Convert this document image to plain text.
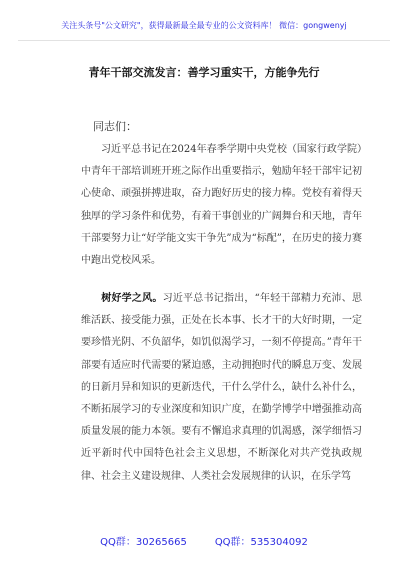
关注头条号"公文研究"，获得最新最全最专业的公文资料库！ 微信：gongwenyj
青年干部交流发言：善学习重实干，方能争先行
同志们：
习近平总书记在2024年春季学期中央党校（国家行政学院）中青年干部培训班开班之际作出重要指示，勉励年轻干部牢记初心使命、顽强拼搏进取，奋力跑好历史的接力棒。党校有着得天独厚的学习条件和优势，有着干事创业的广阔舞台和天地，青年干部要努力让“好学能文实干争先”成为“标配”，在历史的接力赛中跑出党校风采。
树好学之风。习近平总书记指出，“年轻干部精力充沛、思维活跃、接受能力强，正处在长本事、长才干的大好时期，一定要珍惜光阴、不负韶华，如饥似渴学习，一刻不停提高。”青年干部要有适应时代需要的紧迫感，主动拥抱时代的瞬息万变、发展的日新月异和知识的更新迭代，干什么学什么，缺什么补什么，不断拓展学习的专业深度和知识广度，在勤学博学中增强推动高质量发展的能力本领。要有不懈追求真理的饥渴感，深学细悟习近平新时代中国特色社会主义思想，不断深化对共产党执政规律、社会主义建设规律、人类社会发展规律的认识，在乐学笃
QQ群：30265665	QQ群：535304092
